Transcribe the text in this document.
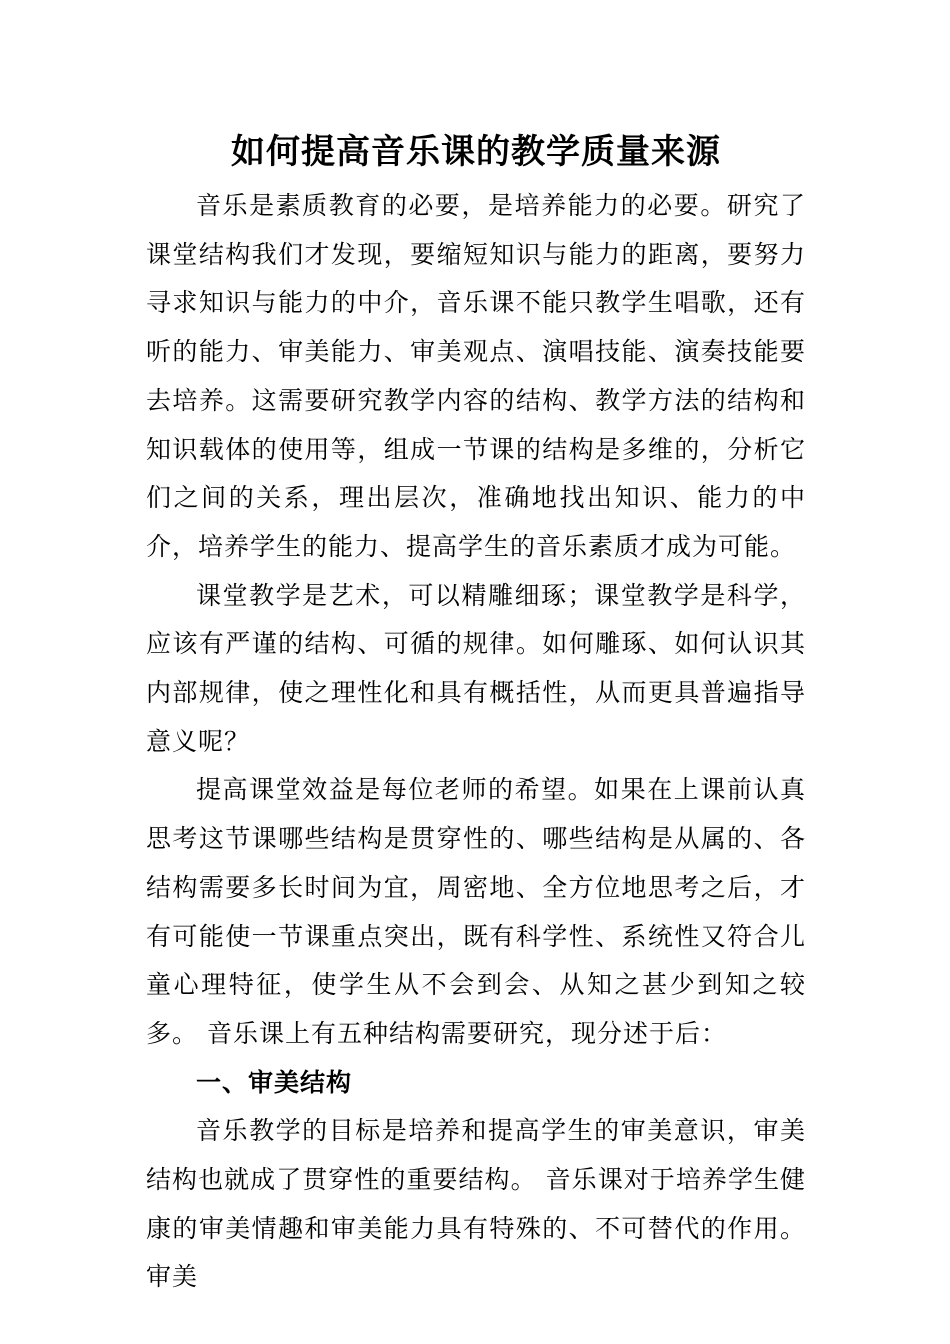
如何提高音乐课的教学质量来源

音乐是素质教育的必要，是培养能力的必要。研究了课堂结构我们才发现，要缩短知识与能力的距离，要努力寻求知识与能力的中介，音乐课不能只教学生唱歌，还有听的能力、审美能力、审美观点、演唱技能、演奏技能要去培养。这需要研究教学内容的结构、教学方法的结构和知识载体的使用等，组成一节课的结构是多维的，分析它们之间的关系，理出层次，准确地找出知识、能力的中介，培养学生的能力、提高学生的音乐素质才成为可能。

课堂教学是艺术，可以精雕细琢；课堂教学是科学，应该有严谨的结构、可循的规律。如何雕琢、如何认识其内部规律，使之理性化和具有概括性，从而更具普遍指导意义呢？

提高课堂效益是每位老师的希望。如果在上课前认真思考这节课哪些结构是贯穿性的、哪些结构是从属的、各结构需要多长时间为宜，周密地、全方位地思考之后，才有可能使一节课重点突出，既有科学性、系统性又符合儿童心理特征，使学生从不会到会、从知之甚少到知之较多。 音乐课上有五种结构需要研究，现分述于后：

一、审美结构

音乐教学的目标是培养和提高学生的审美意识，审美结构也就成了贯穿性的重要结构。 音乐课对于培养学生健康的审美情趣和审美能力具有特殊的、不可替代的作用。审美
